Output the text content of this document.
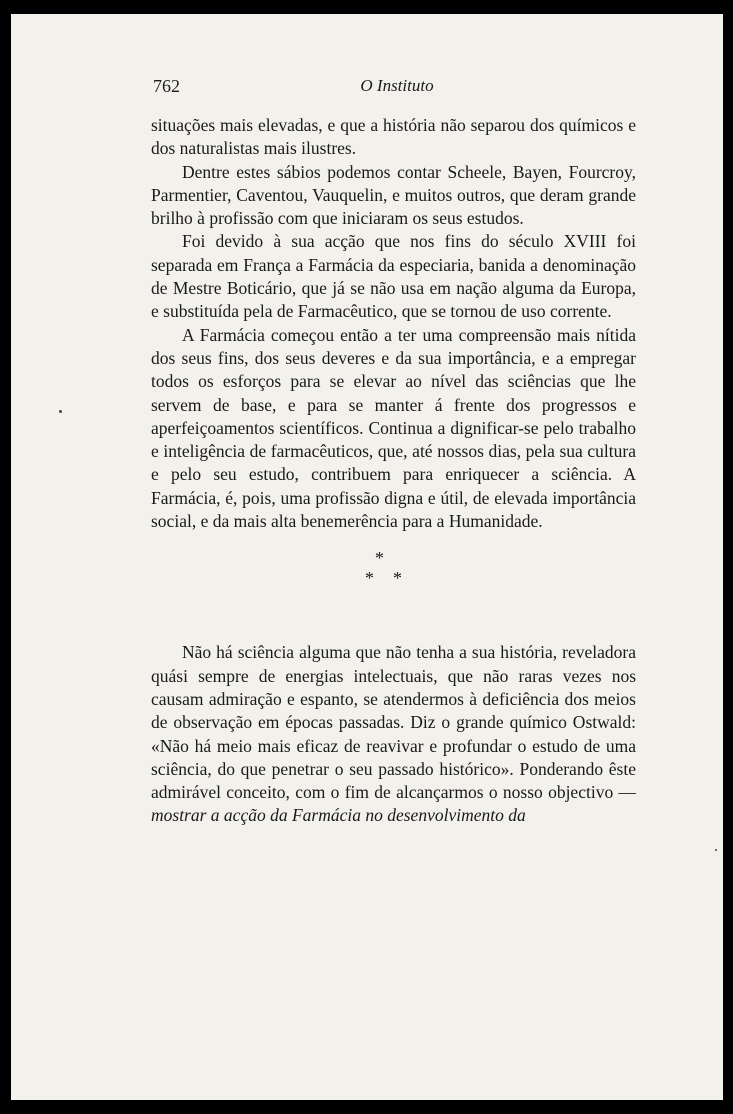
762	O Instituto

situações mais elevadas, e que a história não separou dos químicos e dos naturalistas mais ilustres.

Dentre estes sábios podemos contar Scheele, Bayen, Fourcroy, Parmentier, Caventou, Vauquelin, e muitos outros, que deram grande brilho à profissão com que iniciaram os seus estudos.

Foi devido à sua acção que nos fins do século XVIII foi separada em França a Farmácia da especiaria, banida a denominação de Mestre Boticário, que já se não usa em nação alguma da Europa, e substituída pela de Farmacêutico, que se tornou de uso corrente.

A Farmácia começou então a ter uma compreensão mais nítida dos seus fins, dos seus deveres e da sua importância, e a empregar todos os esforços para se elevar ao nível das sciências que lhe servem de base, e para se manter á frente dos progressos e aperfeiçoamentos scientíficos. Continua a dignificar-se pelo trabalho e inteligência de farmacêuticos, que, até nossos dias, pela sua cultura e pelo seu estudo, contribuem para enriquecer a sciência. A Farmácia, é, pois, uma profissão digna e útil, de elevada importância social, e da mais alta benemerência para a Humanidade.

*
* *

Não há sciência alguma que não tenha a sua história, reveladora quási sempre de energias intelectuais, que não raras vezes nos causam admiração e espanto, se atendermos à deficiência dos meios de observação em épocas passadas. Diz o grande químico Ostwald: «Não há meio mais eficaz de reavivar e profundar o estudo de uma sciência, do que penetrar o seu passado histórico». Ponderando êste admirável conceito, com o fim de alcançarmos o nosso objectivo — mostrar a acção da Farmácia no desenvolvimento da
